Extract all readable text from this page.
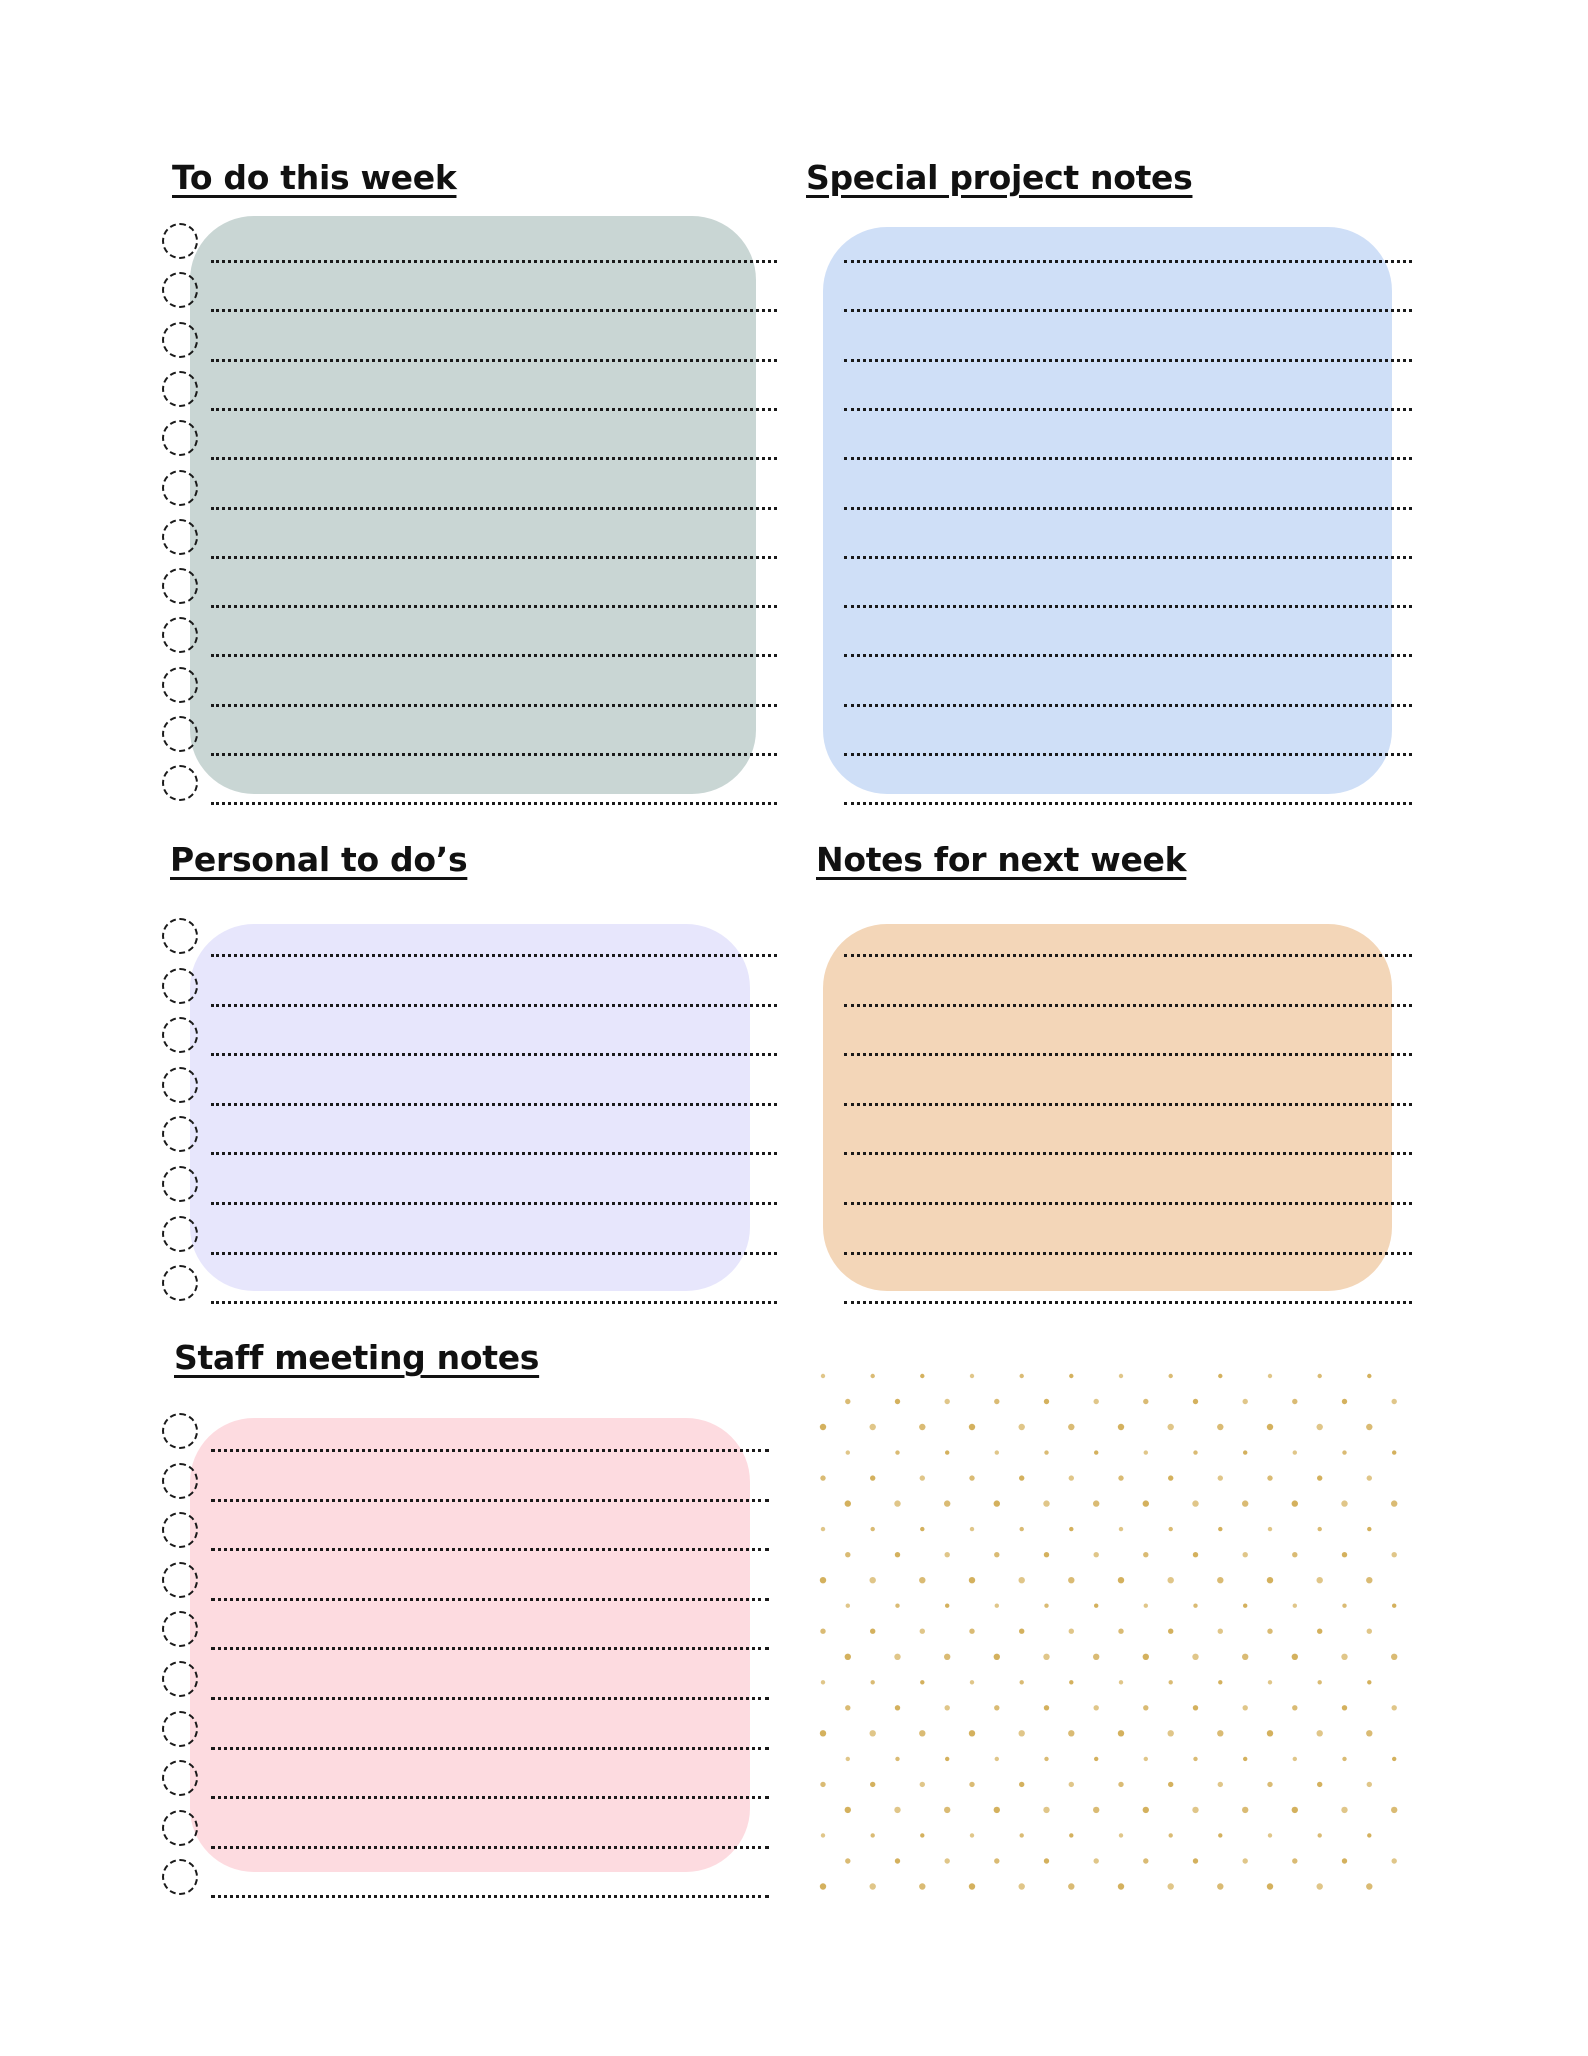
To do this week	Special project notes
Personal to do’s	Notes for next week
Staff meeting notes
